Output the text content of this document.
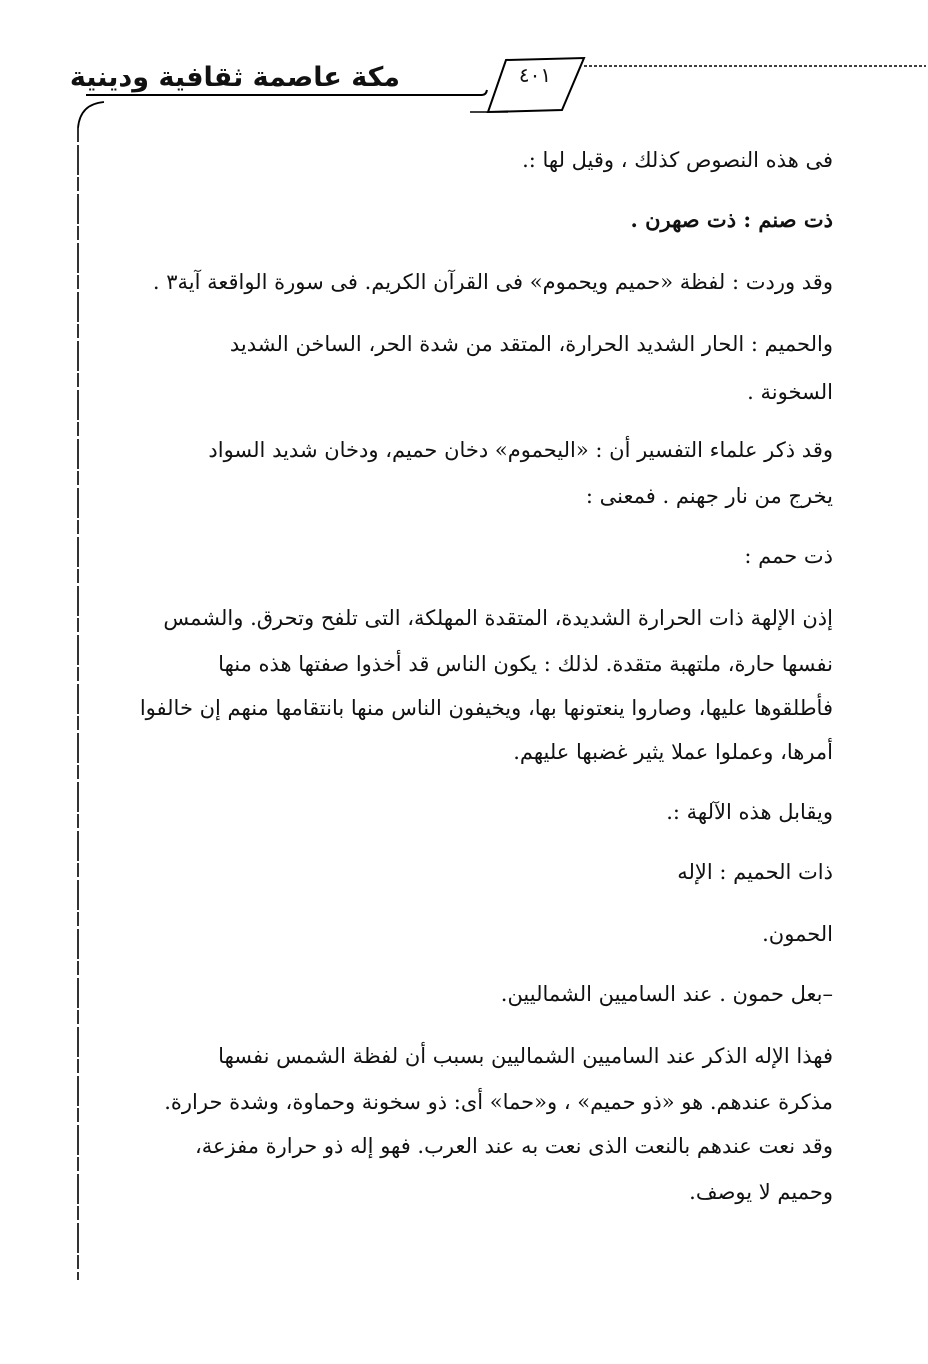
مكة عاصمة ثقافية ودينية	٤٠١
فى هذه النصوص كذلك ، وقيل لها :.
ذت صنم : ذت صهرن .
وقد وردت : لفظة «حميم ويحموم» فى القرآن الكريم. فى سورة الواقعة آية٣ .
والحميم : الحار الشديد الحرارة، المتقد من شدة الحر، الساخن الشديد
السخونة .
وقد ذكر علماء التفسير أن : «اليحموم» دخان حميم، ودخان شديد السواد
يخرج من نار جهنم . فمعنى :
ذت حمم :
إذن الإلهة ذات الحرارة الشديدة، المتقدة المهلكة، التى تلفح وتحرق. والشمس
نفسها حارة، ملتهبة متقدة. لذلك : يكون الناس قد أخذوا صفتها هذه منها
فأطلقوها عليها، وصاروا ينعتونها بها، ويخيفون الناس منها بانتقامها منهم إن خالفوا
أمرها، وعملوا عملا يثير غضبها عليهم.
ويقابل هذه الآلهة :.
ذات الحميم : الإله
الحمون.
–بعل حمون . عند الساميين الشماليين.
فهذا الإله الذكر عند الساميين الشماليين بسبب أن لفظة الشمس نفسها
مذكرة عندهم. هو «ذو حميم» ، و«حما» أى: ذو سخونة وحماوة، وشدة حرارة.
وقد نعت عندهم بالنعت الذى نعت به عند العرب. فهو إله ذو حرارة مفزعة،
وحميم لا يوصف.
